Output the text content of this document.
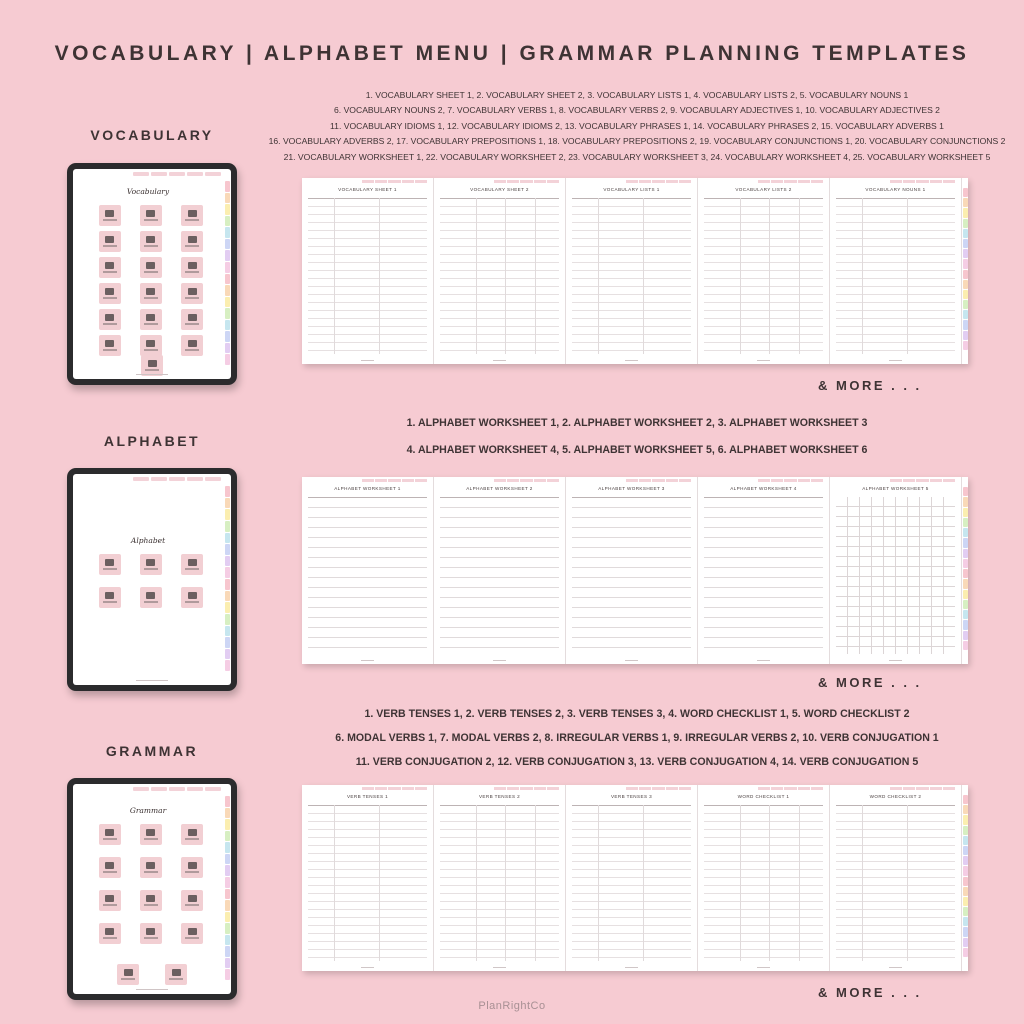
VOCABULARY | ALPHABET MENU | GRAMMAR PLANNING TEMPLATES
VOCABULARY

1. VOCABULARY SHEET 1, 2. VOCABULARY SHEET 2, 3. VOCABULARY LISTS 1, 4. VOCABULARY LISTS 2, 5. VOCABULARY NOUNS 1

6. VOCABULARY NOUNS 2, 7. VOCABULARY VERBS 1, 8. VOCABULARY VERBS 2, 9. VOCABULARY ADJECTIVES 1, 10. VOCABULARY ADJECTIVES 2

11. VOCABULARY IDIOMS 1, 12. VOCABULARY IDIOMS 2, 13. VOCABULARY PHRASES 1, 14. VOCABULARY PHRASES 2, 15. VOCABULARY ADVERBS 1

16. VOCABULARY ADVERBS 2, 17. VOCABULARY PREPOSITIONS 1, 18. VOCABULARY PREPOSITIONS 2, 19. VOCABULARY CONJUNCTIONS 1, 20. VOCABULARY CONJUNCTIONS 2

21. VOCABULARY WORKSHEET 1, 22. VOCABULARY WORKSHEET 2, 23. VOCABULARY WORKSHEET 3, 24. VOCABULARY WORKSHEET 4, 25. VOCABULARY WORKSHEET 5

Vocabulary	VOCABULARY SHEET 1	VOCABULARY SHEET 2	VOCABULARY LISTS 1	VOCABULARY LISTS 2	VOCABULARY NOUNS 1
& MORE . . .
ALPHABET

1. ALPHABET WORKSHEET 1, 2. ALPHABET WORKSHEET 2, 3. ALPHABET WORKSHEET 3

4. ALPHABET WORKSHEET 4, 5. ALPHABET WORKSHEET 5, 6. ALPHABET WORKSHEET 6

Alphabet
ALPHABET WORKSHEET 1	ALPHABET WORKSHEET 2	ALPHABET WORKSHEET 3	ALPHABET WORKSHEET 4	ALPHABET WORKSHEET 5
& MORE . . .
GRAMMAR

1. VERB TENSES 1, 2. VERB TENSES 2, 3. VERB TENSES 3, 4. WORD CHECKLIST 1, 5. WORD CHECKLIST 2

6. MODAL VERBS 1, 7. MODAL VERBS 2, 8. IRREGULAR VERBS 1, 9. IRREGULAR VERBS 2, 10. VERB CONJUGATION 1

11. VERB CONJUGATION 2, 12. VERB CONJUGATION 3, 13. VERB CONJUGATION 4, 14. VERB CONJUGATION 5

Grammar
VERB TENSES 1	VERB TENSES 2	VERB TENSES 3	WORD CHECKLIST 1	WORD CHECKLIST 2
& MORE . . .
PlanRightCo
